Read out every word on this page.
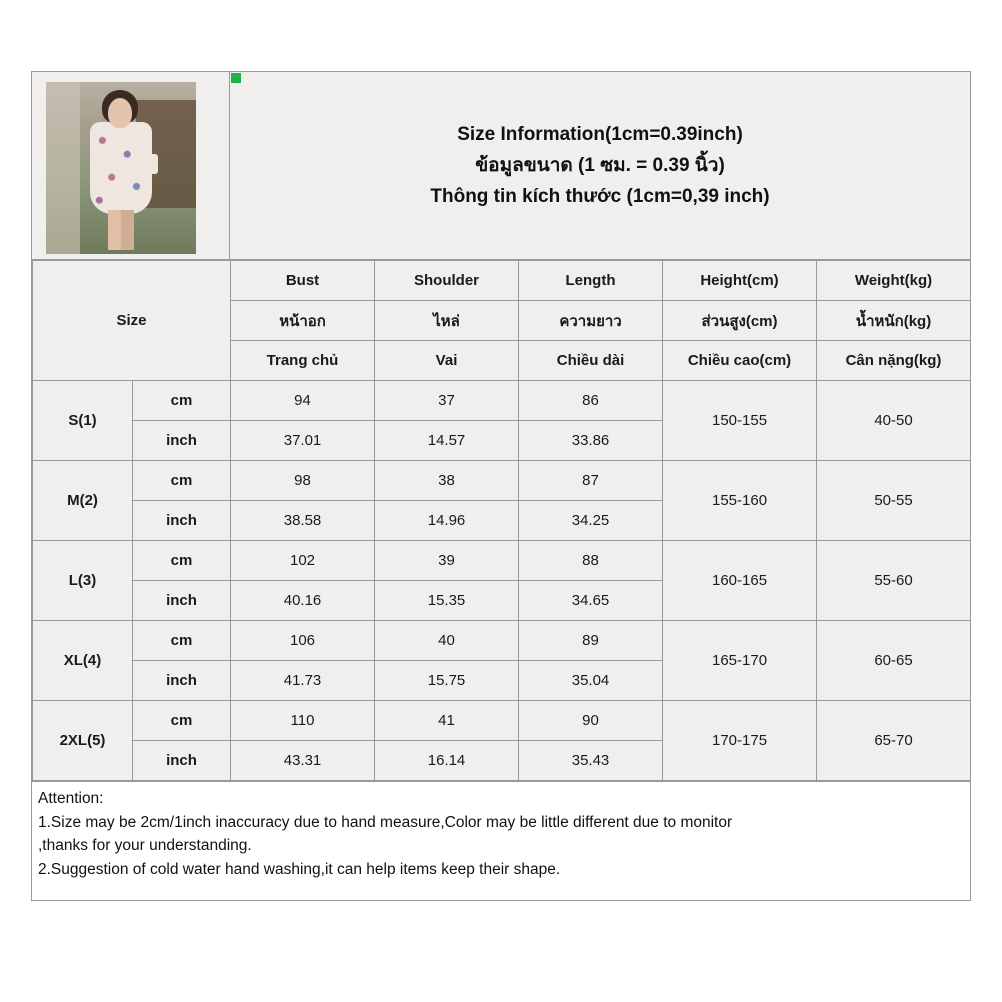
Size Information(1cm=0.39inch)
ข้อมูลขนาด (1 ซม. = 0.39 นิ้ว)
Thông tin kích thước (1cm=0,39 inch)
Size		Bust	Shoulder	Length	Height(cm)	Weight(kg)
		หน้าอก	ไหล่	ความยาว	ส่วนสูง(cm)	น้ำหนัก(kg)
		Trang chủ	Vai	Chiều dài	Chiều cao(cm)	Cân nặng(kg)
S(1)	cm	94	37	86	150-155	40-50
	inch	37.01	14.57	33.86		
M(2)	cm	98	38	87	155-160	50-55
	inch	38.58	14.96	34.25		
L(3)	cm	102	39	88	160-165	55-60
	inch	40.16	15.35	34.65		
XL(4)	cm	106	40	89	165-170	60-65
	inch	41.73	15.75	35.04		
2XL(5)	cm	110	41	90	170-175	65-70
	inch	43.31	16.14	35.43		
Attention:
1.Size may be 2cm/1inch inaccuracy due to hand measure,Color may be little different due to monitor
,thanks for your understanding.
2.Suggestion of cold water hand washing,it can help items keep their shape.
